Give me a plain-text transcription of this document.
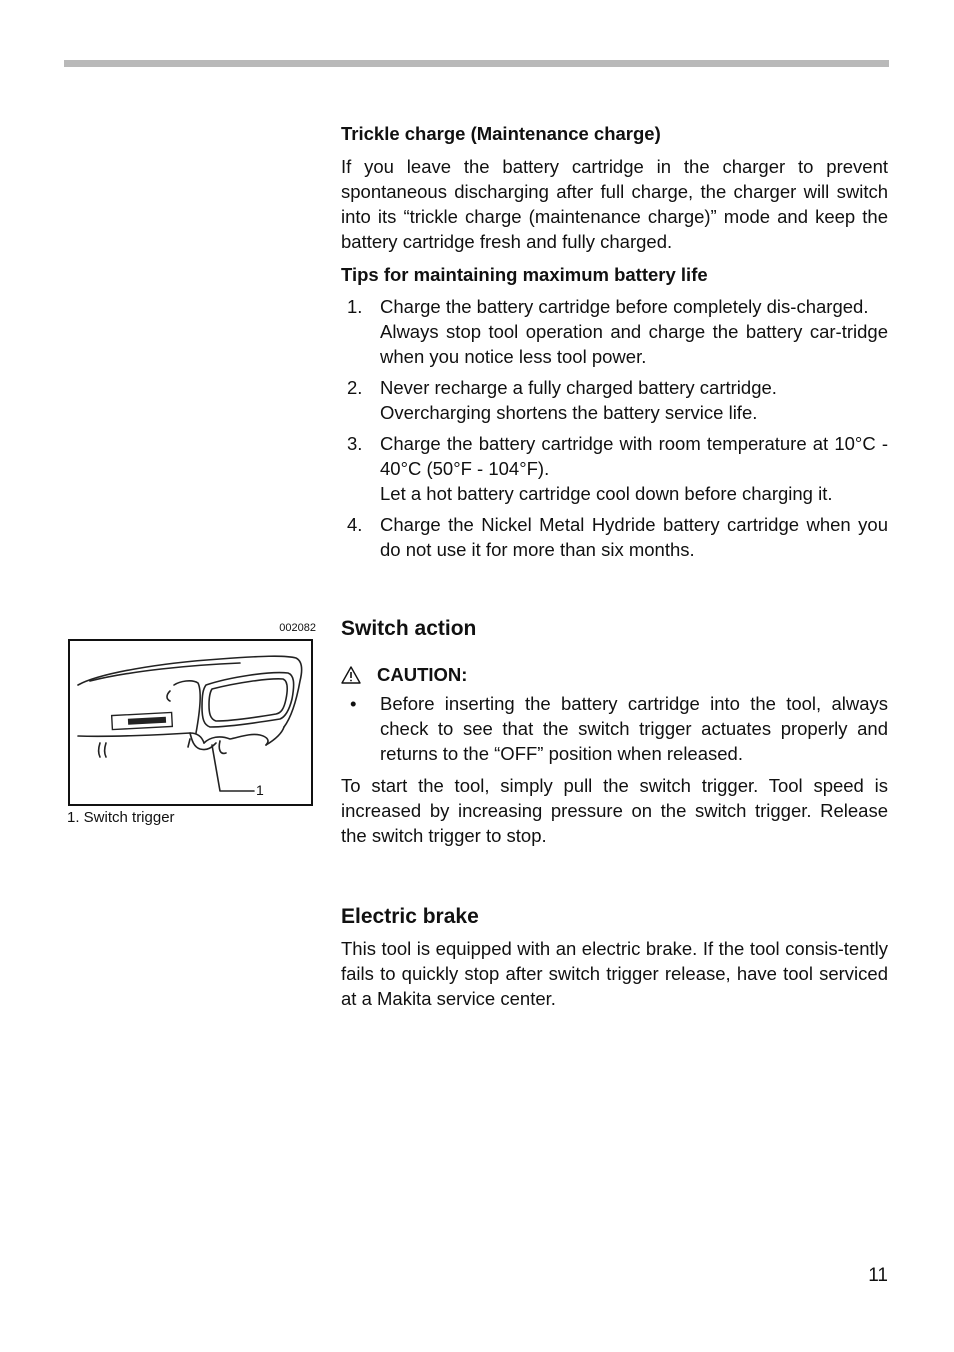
Trickle charge (Maintenance charge)

If you leave the battery cartridge in the charger to prevent spontaneous discharging after full charge, the charger will switch into its “trickle charge (maintenance charge)” mode and keep the battery cartridge fresh and fully charged.

Tips for maintaining maximum battery life

1. Charge the battery cartridge before completely dis-charged.
Always stop tool operation and charge the battery car-tridge when you notice less tool power.
2. Never recharge a fully charged battery cartridge.
Overcharging shortens the battery service life.
3. Charge the battery cartridge with room temperature at 10°C - 40°C (50°F - 104°F).
Let a hot battery cartridge cool down before charging it.
4. Charge the Nickel Metal Hydride battery cartridge when you do not use it for more than six months.
002082
1
1. Switch trigger

Switch action

CAUTION:
• Before inserting the battery cartridge into the tool, always check to see that the switch trigger actuates properly and returns to the “OFF” position when released.

To start the tool, simply pull the switch trigger. Tool speed is increased by increasing pressure on the switch trigger. Release the switch trigger to stop.

Electric brake

This tool is equipped with an electric brake. If the tool consis-tently fails to quickly stop after switch trigger release, have tool serviced at a Makita service center.

11
